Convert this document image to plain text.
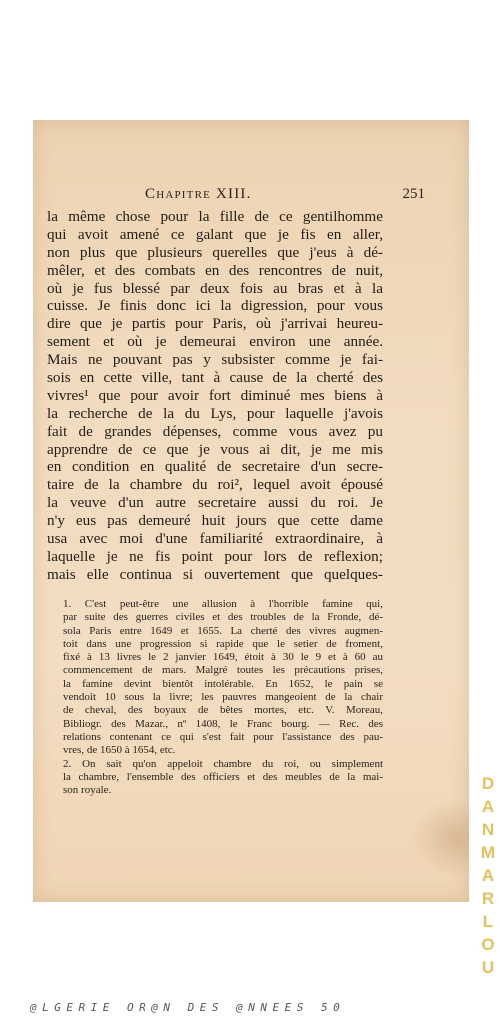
Chapitre XIII.	251
la même chose pour la fille de ce gentilhomme
qui avoit amené ce galant que je fis en aller,
non plus que plusieurs querelles que j'eus à dé-
mêler, et des combats en des rencontres de nuit,
où je fus blessé par deux fois au bras et à la
cuisse. Je finis donc ici la digression, pour vous
dire que je partis pour Paris, où j'arrivai heureu-
sement et où je demeurai environ une année.
Mais ne pouvant pas y subsister comme je fai-
sois en cette ville, tant à cause de la cherté des
vivres¹ que pour avoir fort diminué mes biens à
la recherche de la du Lys, pour laquelle j'avois
fait de grandes dépenses, comme vous avez pu
apprendre de ce que je vous ai dit, je me mis
en condition en qualité de secretaire d'un secre-
taire de la chambre du roi², lequel avoit épousé
la veuve d'un autre secretaire aussi du roi. Je
n'y eus pas demeuré huit jours que cette dame
usa avec moi d'une familiarité extraordinaire, à
laquelle je ne fis point pour lors de reflexion;
mais elle continua si ouvertement que quelques-
1. C'est peut-être une allusion à l'horrible famine qui,
par suite des guerres civiles et des troubles de la Fronde, dé-
sola Paris entre 1649 et 1655. La cherté des vivres augmen-
toit dans une progression si rapide que le setier de froment,
fixé à 13 livres le 2 janvier 1649, étoit à 30 le 9 et à 60 au
commencement de mars. Malgré toutes les précautions prises,
la famine devint bientôt intolérable. En 1652, le pain se
vendoit 10 sous la livre; les pauvres mangeoient de la chair
de cheval, des boyaux de bêtes mortes, etc. V. Moreau,
Bibliogr. des Mazar., nº 1408, le Franc bourg. — Rec. des
relations contenant ce qui s'est fait pour l'assistance des pau-
vres, de 1650 à 1654, etc.
2. On sait qu'on appeloit chambre du roi, ou simplement
la chambre, l'ensemble des officiers et des meubles de la mai-
son royale.	D
A
N
M
A
R
L
O
U
@LGERIE OR@N DES @NNEES 50
